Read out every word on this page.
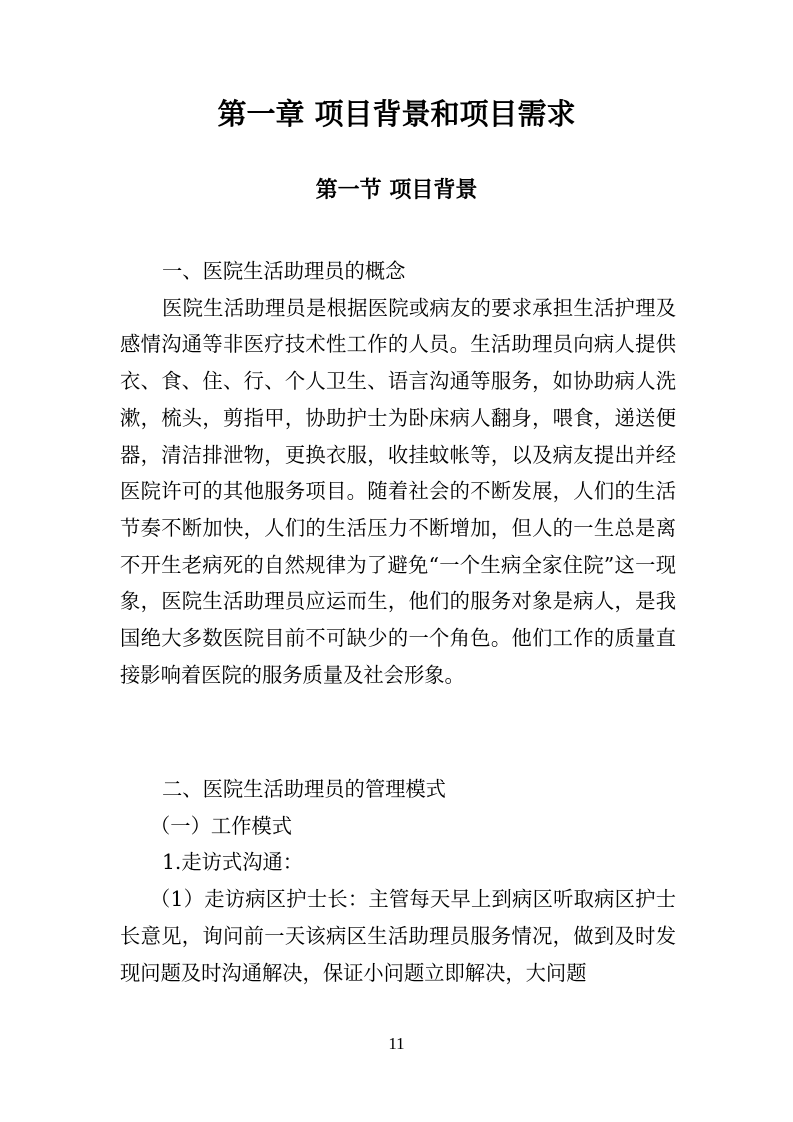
第一章 项目背景和项目需求
第一节 项目背景

一、医院生活助理员的概念

医院生活助理员是根据医院或病友的要求承担生活护理及感情沟通等非医疗技术性工作的人员。生活助理员向病人提供衣、食、住、行、个人卫生、语言沟通等服务，如协助病人洗漱，梳头，剪指甲，协助护士为卧床病人翻身，喂食，递送便器，清洁排泄物，更换衣服，收挂蚊帐等，以及病友提出并经医院许可的其他服务项目。随着社会的不断发展，人们的生活节奏不断加快，人们的生活压力不断增加，但人的一生总是离不开生老病死的自然规律为了避免“一个生病全家住院”这一现象，医院生活助理员应运而生，他们的服务对象是病人，是我国绝大多数医院目前不可缺少的一个角色。他们工作的质量直接影响着医院的服务质量及社会形象。

二、医院生活助理员的管理模式

（一）工作模式

1.走访式沟通：

（1）走访病区护士长：主管每天早上到病区听取病区护士长意见，询问前一天该病区生活助理员服务情况，做到及时发现问题及时沟通解决，保证小问题立即解决，大问题

11
